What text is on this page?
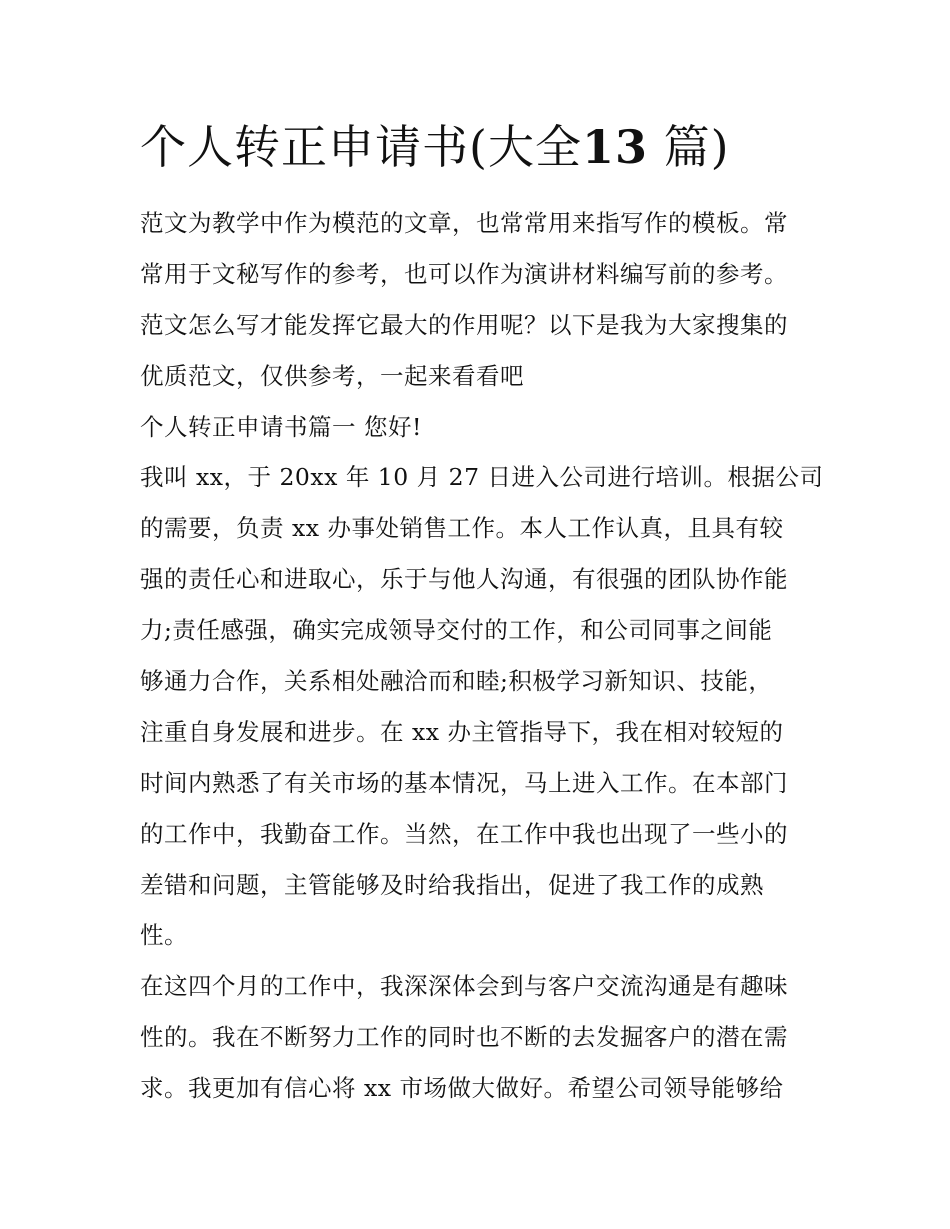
个人转正申请书(大全13 篇)
范文为教学中作为模范的文章，也常常用来指写作的模板。常
常用于文秘写作的参考，也可以作为演讲材料编写前的参考。
范文怎么写才能发挥它最大的作用呢？以下是我为大家搜集的
优质范文，仅供参考，一起来看看吧
个人转正申请书篇一 您好!
我叫 xx，于 20xx 年 10 月 27 日进入公司进行培训。根据公司
的需要，负责 xx 办事处销售工作。本人工作认真，且具有较
强的责任心和进取心，乐于与他人沟通，有很强的团队协作能
力;责任感强，确实完成领导交付的工作，和公司同事之间能
够通力合作，关系相处融洽而和睦;积极学习新知识、技能，
注重自身发展和进步。在 xx 办主管指导下，我在相对较短的
时间内熟悉了有关市场的基本情况，马上进入工作。在本部门
的工作中，我勤奋工作。当然，在工作中我也出现了一些小的
差错和问题，主管能够及时给我指出，促进了我工作的成熟
性。
在这四个月的工作中，我深深体会到与客户交流沟通是有趣味
性的。我在不断努力工作的同时也不断的去发掘客户的潜在需
求。我更加有信心将 xx 市场做大做好。希望公司领导能够给
